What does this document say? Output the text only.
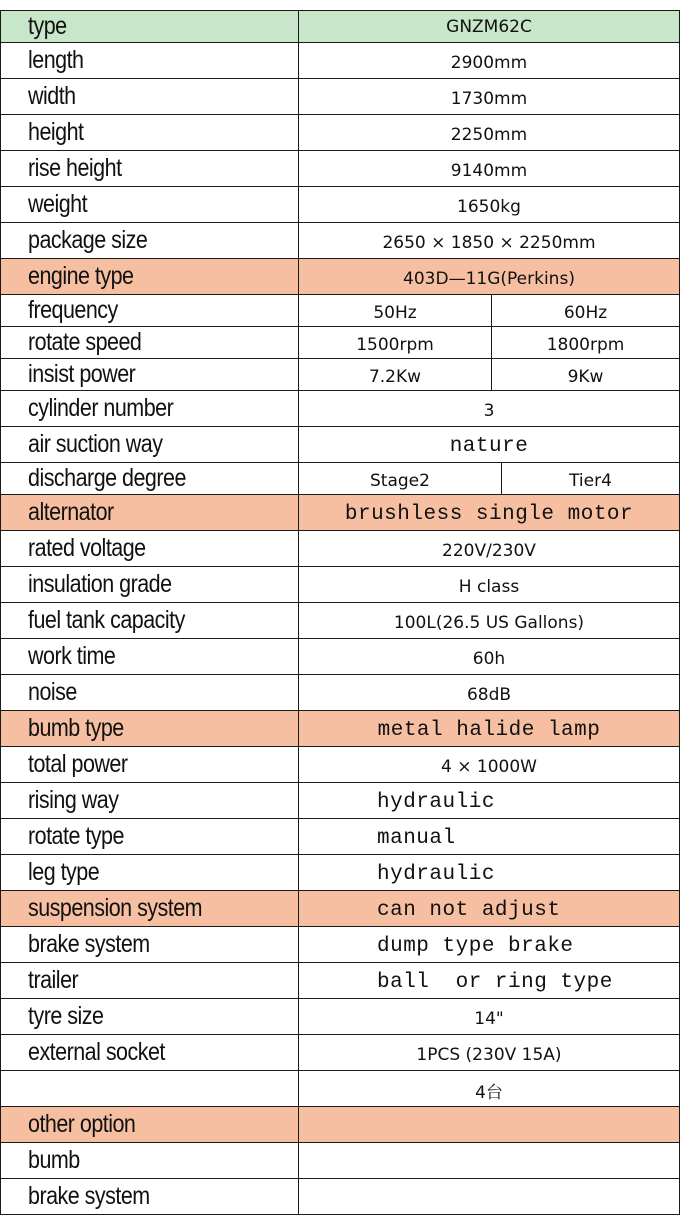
type	GNZM62C
length	2900mm
width	1730mm
height	2250mm
rise height	9140mm
weight	1650kg
package size	2650 × 1850 × 2250mm
engine type	403D—11G(Perkins)
frequency	50Hz 60Hz

rotate speed	1500rpm 1800rpm

insist power	7.2Kw 9Kw

cylinder number	3
air suction way	nature
discharge degree	Stage2 Tier4

alternator	brushless single motor
rated voltage	220V/230V
insulation grade	H class
fuel tank capacity	100L(26.5 US Gallons)
work time	60h
noise	68dB
bumb type	metal halide lamp
total power	4 × 1000W
rising way	hydraulic
rotate type	manual
leg type	hydraulic
suspension system	can not adjust
brake system	dump type brake
trailer	ball  or ring type
tyre size	14"
external socket	1PCS (230V 15A)
	4台
other option	
bumb	
brake system	
